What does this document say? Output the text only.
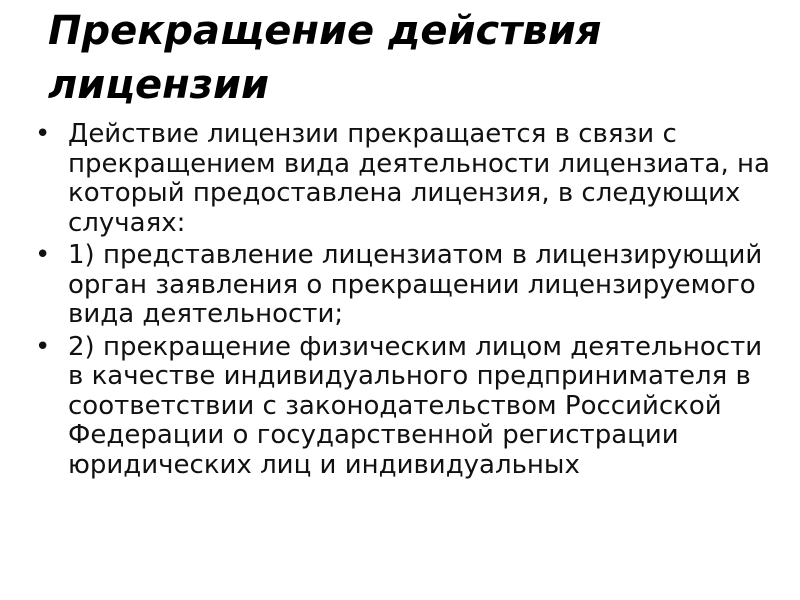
Прекращение действия лицензии
• Действие лицензии прекращается в связи с прекращением вида деятельности лицензиата, на который предоставлена лицензия, в следующих случаях:
• 1) представление лицензиатом в лицензирующий орган заявления о прекращении лицензируемого вида деятельности;
• 2) прекращение физическим лицом деятельности в качестве индивидуального предпринимателя в соответствии с законодательством Российской Федерации о государственной регистрации юридических лиц и индивидуальных
